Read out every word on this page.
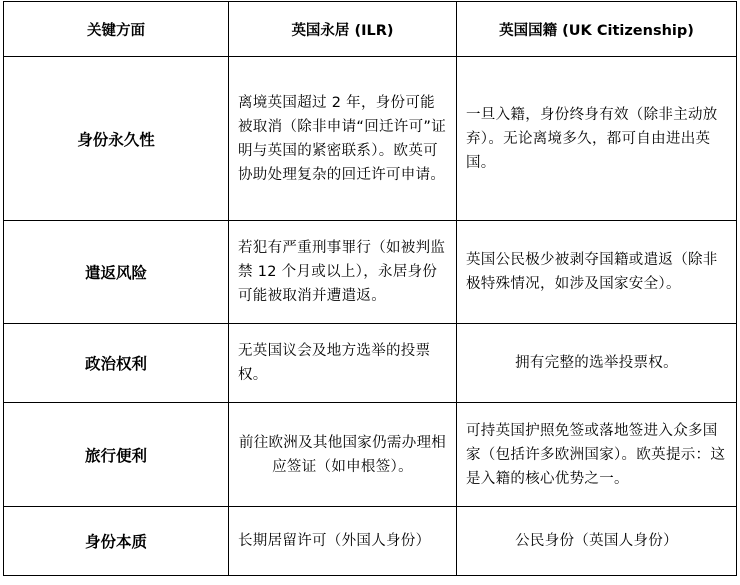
关键方面	英国永居 (ILR)	英国国籍 (UK Citizenship)
身份永久性	离境英国超过 2 年，身份可能被取消（除非申请“回迁许可”证明与英国的紧密联系）。欧英可协助处理复杂的回迁许可申请。	一旦入籍，身份终身有效（除非主动放弃）。无论离境多久，都可自由进出英国。
遣返风险	若犯有严重刑事罪行（如被判监禁 12 个月或以上），永居身份可能被取消并遭遣返。	英国公民极少被剥夺国籍或遣返（除非极特殊情况，如涉及国家安全）。
政治权利	无英国议会及地方选举的投票权。	拥有完整的选举投票权。
旅行便利	前往欧洲及其他国家仍需办理相应签证（如申根签）。	可持英国护照免签或落地签进入众多国家（包括许多欧洲国家）。欧英提示：这是入籍的核心优势之一。
身份本质	长期居留许可（外国人身份）	公民身份（英国人身份）
